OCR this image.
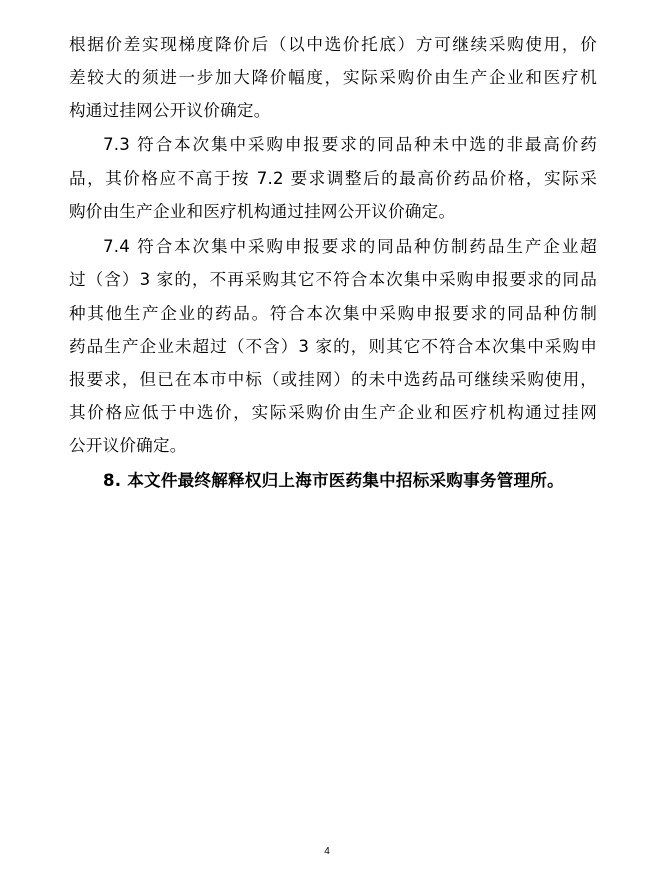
根据价差实现梯度降价后（以中选价托底）方可继续采购使用，价
差较大的须进一步加大降价幅度，实际采购价由生产企业和医疗机
构通过挂网公开议价确定。
7.3 符合本次集中采购申报要求的同品种未中选的非最高价药
品，其价格应不高于按 7.2 要求调整后的最高价药品价格，实际采
购价由生产企业和医疗机构通过挂网公开议价确定。
7.4 符合本次集中采购申报要求的同品种仿制药品生产企业超
过（含）3 家的，不再采购其它不符合本次集中采购申报要求的同品
种其他生产企业的药品。符合本次集中采购申报要求的同品种仿制
药品生产企业未超过（不含）3 家的，则其它不符合本次集中采购申
报要求，但已在本市中标（或挂网）的未中选药品可继续采购使用，
其价格应低于中选价，实际采购价由生产企业和医疗机构通过挂网
公开议价确定。
8. 本文件最终解释权归上海市医药集中招标采购事务管理所。
4
